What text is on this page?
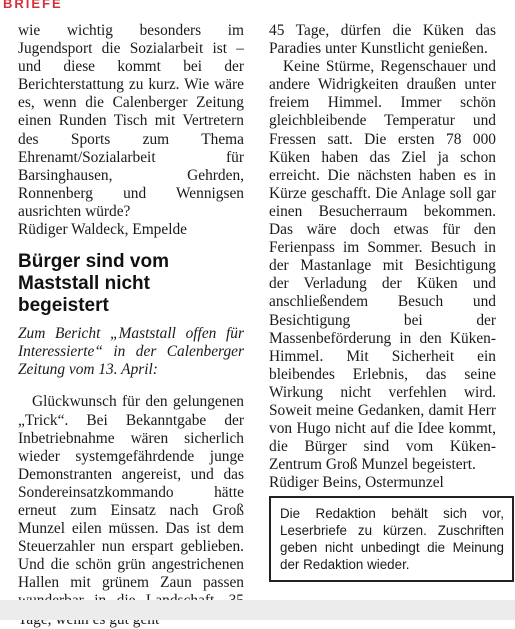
BRIEFE

wie wichtig besonders im Jugendsport die Sozialarbeit ist – und diese kommt bei der Berichterstattung zu kurz. Wie wäre es, wenn die Calenberger Zeitung einen Runden Tisch mit Vertretern des Sports zum Thema Ehrenamt/Sozialarbeit für Barsinghausen, Gehrden, Ronnenberg und Wennigsen ausrichten würde?

Rüdiger Waldeck, Empelde

Bürger sind vom Maststall nicht begeistert

Zum Bericht „Maststall offen für Interessierte“ in der Calenberger Zeitung vom 13. April:

Glückwunsch für den gelungenen „Trick“. Bei Bekanntgabe der Inbetriebnahme wären sicherlich wieder systemgefährdende junge Demonstranten angereist, und das Sondereinsatzkommando hätte erneut zum Einsatz nach Groß Munzel eilen müssen. Das ist dem Steuerzahler nun erspart geblieben. Und die schön grün angestrichenen Hallen mit grünem Zaun passen

45 Tage, dürfen die Küken das Paradies unter Kunstlicht genießen.

Keine Stürme, Regenschauer und andere Widrigkeiten draußen unter freiem Himmel. Immer schön gleichbleibende Temperatur und Fressen satt. Die ersten 78 000 Küken haben das Ziel ja schon erreicht. Die nächsten haben es in Kürze geschafft. Die Anlage soll gar einen Besucherraum bekommen. Das wäre doch etwas für den Ferienpass im Sommer. Besuch in der Mastanlage mit Besichtigung der Verladung der Küken und anschließendem Besuch und Besichtigung bei der Massenbeförderung in den Küken-Himmel. Mit Sicherheit ein bleibendes Erlebnis, das seine Wirkung nicht verfehlen wird. Soweit meine Gedanken, damit Herr von Hugo nicht auf die Idee kommt, die Bürger sind vom Küken-Zentrum Groß Munzel begeistert.

Rüdiger Beins, Ostermunzel

Die Redaktion behält sich vor, Leserbriefe zu kürzen. Zuschriften geben nicht unbedingt die Meinung der Redaktion wieder.
